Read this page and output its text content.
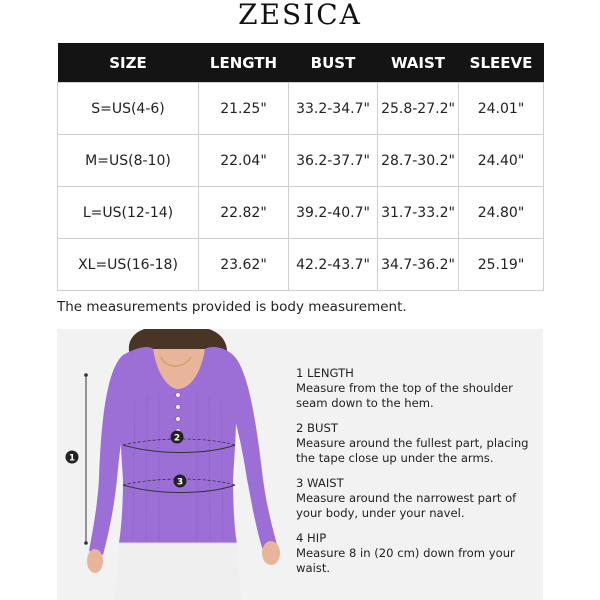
ZESICA
SIZE	LENGTH	BUST	WAIST	SLEEVE
S=US(4-6)	21.25"	33.2-34.7"	25.8-27.2"	24.01"
M=US(8-10)	22.04"	36.2-37.7"	28.7-30.2"	24.40"
L=US(12-14)	22.82"	39.2-40.7"	31.7-33.2"	24.80"
XL=US(16-18)	23.62"	42.2-43.7"	34.7-36.2"	25.19"
The measurements provided is body measurement.
1
2
3
1 LENGTH
Measure from the top of the shoulder seam down to the hem.
2 BUST
Measure around the fullest part, placing the tape close up under the arms.
3 WAIST
Measure around the narrowest part of your body, under your navel.
4 HIP
Measure 8 in (20 cm) down from your waist.
